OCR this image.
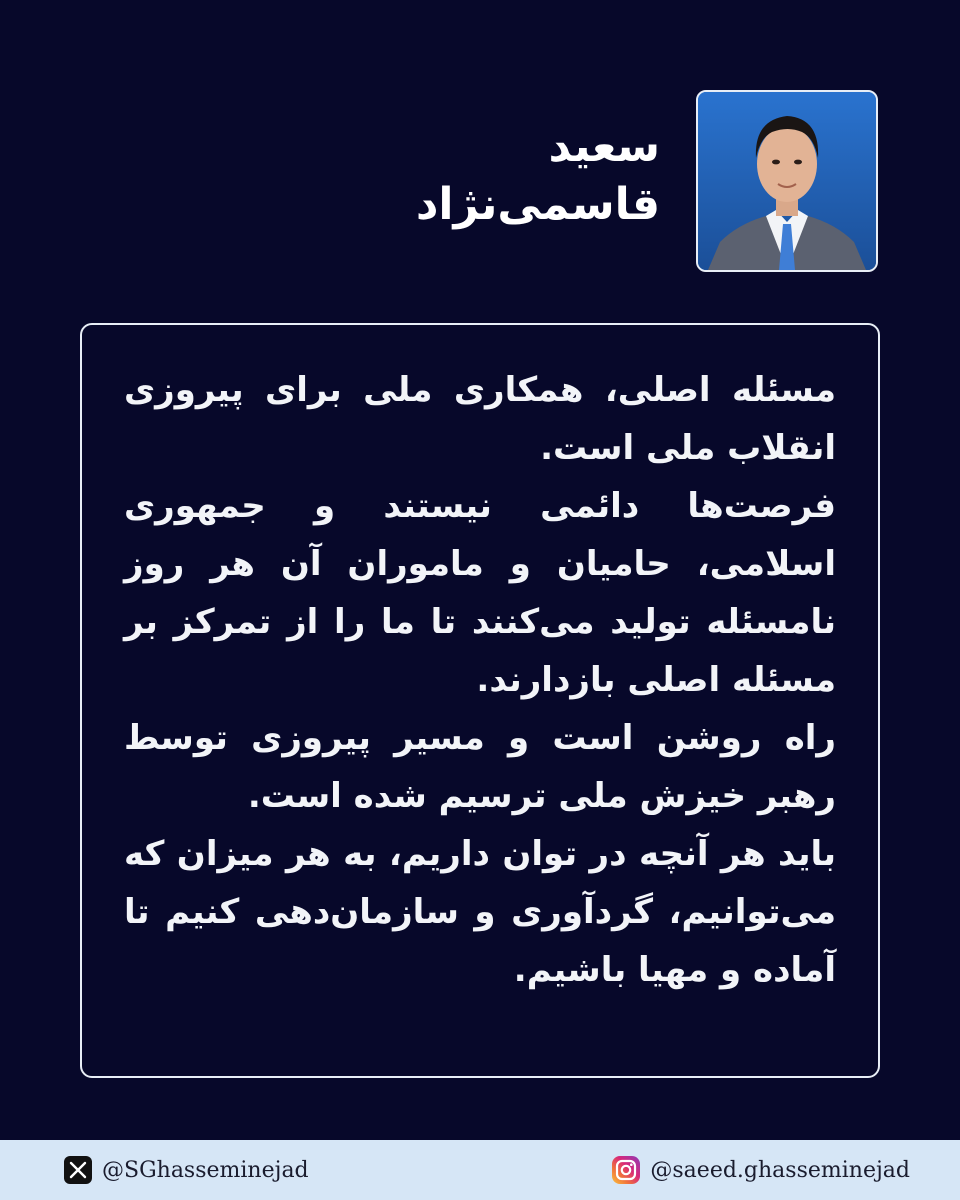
سعید
قاسمی‌نژاد

مسئله اصلی، همکاری ملی برای پیروزی انقلاب ملی است.

فرصت‌ها دائمی نیستند و جمهوری اسلامی، حامیان و ماموران آن هر روز نامسئله تولید می‌کنند تا ما را از تمرکز بر مسئله اصلی بازدارند.

راه روشن است و مسیر پیروزی توسط رهبر خیزش ملی ترسیم شده است.

باید هر آنچه در توان داریم، به هر میزان که می‌توانیم، گردآوری و سازمان‌دهی کنیم تا آماده و مهیا باشیم.

@SGhasseminejad	@saeed.ghasseminejad
